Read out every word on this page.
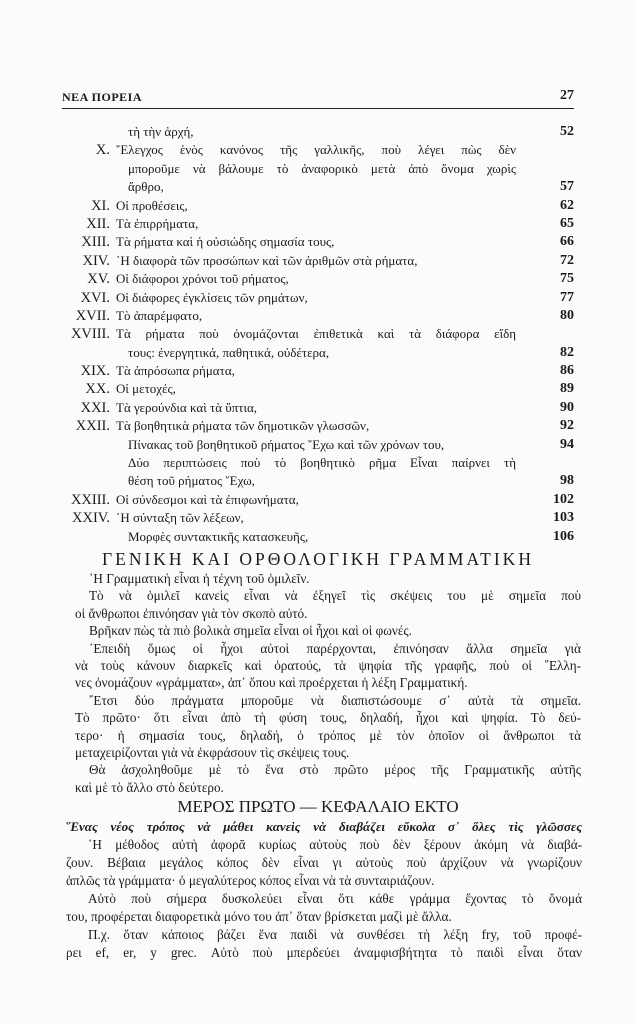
ΝΕΑ ΠΟΡΕΙΑ	27
τὴ τὴν ἀρχή,	52
X. ῎Ελεγχος ἑνὸς κανόνος τῆς γαλλικῆς, ποὺ λέγει πὼς δὲν
μποροῦμε νὰ βάλουμε τὸ ἀναφορικὸ μετὰ ἀπὸ ὄνομα χωρὶς
ἄρθρο,	57
XI. Οἱ προθέσεις,	62
XII. Τὰ ἐπιρρήματα,	65
XIII. Τὰ ρήματα καὶ ἡ οὐσιώδης σημασία τους,	66
XIV. ῾Η διαφορὰ τῶν προσώπων καὶ τῶν ἀριθμῶν στὰ ρήματα,	72
XV. Οἱ διάφοροι χρόνοι τοῦ ρήματος,	75
XVI. Οἱ διάφορες ἐγκλίσεις τῶν ρημάτων,	77
XVII. Τὸ ἀπαρέμφατο,	80
XVIII. Τὰ ρήματα ποὺ ὀνομάζονται ἐπιθετικὰ καὶ τὰ διάφορα εἴδη
τους: ἐνεργητικά, παθητικά, οὐδέτερα,	82
XIX. Τὰ ἀπρόσωπα ρήματα,	86
XX. Οἱ μετοχές,	89
XXI. Τὰ γερούνδια καὶ τὰ ὕπτια,	90
XXII. Τὰ βοηθητικὰ ρήματα τῶν δημοτικῶν γλωσσῶν,	92
Πίνακας τοῦ βοηθητικοῦ ρήματος ῎Εχω καὶ τῶν χρόνων του,	94
Δύο περιπτώσεις ποὺ τὸ βοηθητικὸ ρῆμα Εἶναι παίρνει τὴ
θέση τοῦ ρήματος ῎Εχω,	98
XXIII. Οἱ σύνδεσμοι καὶ τὰ ἐπιφωνήματα,	102
XXIV. ῾Η σύνταξη τῶν λέξεων,	103
Μορφὲς συντακτικῆς κατασκευῆς,	106
ΓΕΝΙΚΗ ΚΑΙ ΟΡΘΟΛΟΓΙΚΗ ΓΡΑΜΜΑΤΙΚΗ
῾Η Γραμματικὴ εἶναι ἡ τέχνη τοῦ ὁμιλεῖν.
Τὸ νὰ ὁμιλεῖ κανεὶς εἶναι νὰ ἐξηγεῖ τὶς σκέψεις του μὲ σημεῖα ποὺ
οἱ ἄνθρωποι ἐπινόησαν γιὰ τὸν σκοπὸ αὐτό.
Βρῆκαν πὼς τὰ πιὸ βολικὰ σημεῖα εἶναι οἱ ἦχοι καὶ οἱ φωνές.
᾿Επειδὴ ὅμως οἱ ἦχοι αὐτοὶ παρέρχονται, ἐπινόησαν ἄλλα σημεῖα γιὰ
νὰ τοὺς κάνουν διαρκεῖς καὶ ὁρατούς, τὰ ψηφία τῆς γραφῆς, ποὺ οἱ ῞Ελλη-
νες ὀνομάζουν «γράμματα», ἀπ᾿ ὅπου καὶ προέρχεται ἡ λέξη Γραμματική.
῎Ετσι δύο πράγματα μποροῦμε νὰ διαπιστώσουμε σ᾿ αὐτὰ τὰ σημεῖα.
Τὸ πρῶτο· ὅτι εἶναι ἀπὸ τὴ φύση τους, δηλαδή, ἦχοι καὶ ψηφία. Τὸ δεύ-
τερο· ἡ σημασία τους, δηλαδή, ὁ τρόπος μὲ τὸν ὁποῖον οἱ ἄνθρωποι τὰ
μεταχειρίζονται γιὰ νὰ ἐκφράσουν τὶς σκέψεις τους.
Θὰ ἀσχοληθοῦμε μὲ τὸ ἕνα στὸ πρῶτο μέρος τῆς Γραμματικῆς αὐτῆς
καὶ μὲ τὸ ἄλλο στὸ δεύτερο.
ΜΕΡΟΣ ΠΡΩΤΟ — ΚΕΦΑΛΑΙΟ ΕΚΤΟ
῞Ενας νέος τρόπος νὰ μάθει κανεὶς νὰ διαβάζει εὔκολα σ᾿ ὅλες τὶς γλῶσσες
῾Η μέθοδος αὐτὴ ἀφορᾶ κυρίως αὐτοὺς ποὺ δὲν ξέρουν ἀκόμη νὰ διαβά-
ζουν. Βέβαια μεγάλος κόπος δὲν εἶναι γι αὐτοὺς ποὺ ἀρχίζουν νὰ γνωρίζουν
ἁπλῶς τὰ γράμματα· ὁ μεγαλύτερος κόπος εἶναι νὰ τὰ συνταιριάζουν.
Αὐτὸ ποὺ σήμερα δυσκολεύει εἶναι ὅτι κάθε γράμμα ἔχοντας τὸ ὄνομά
του, προφέρεται διαφορετικὰ μόνο του ἀπ᾿ ὅταν βρίσκεται μαζὶ μὲ ἄλλα.
Π.χ. ὅταν κάποιος βάζει ἕνα παιδὶ νὰ συνθέσει τὴ λέξη fry, τοῦ προφέ-
ρει ef, er, y grec. Αὐτὸ ποὺ μπερδεύει ἀναμφισβήτητα τὸ παιδὶ εἶναι ὅταν
